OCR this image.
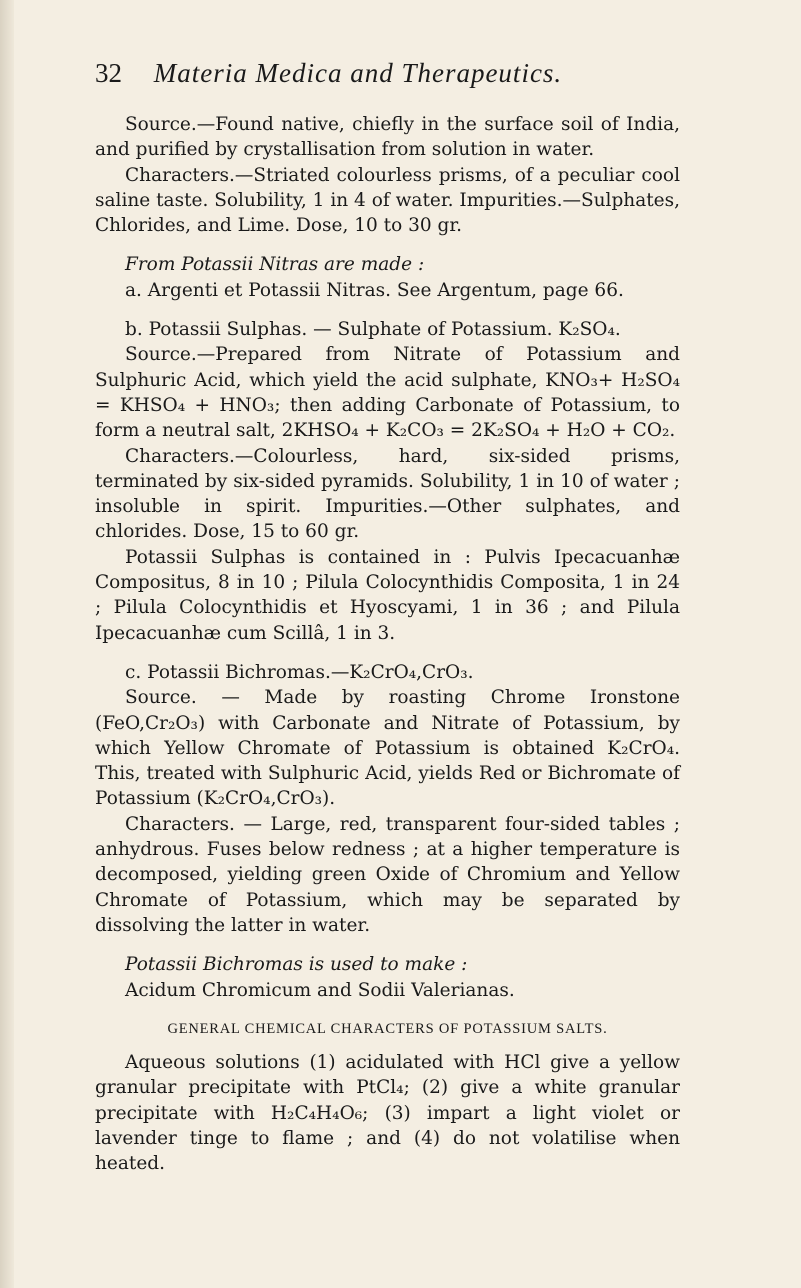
32 Materia Medica and Therapeutics.

Source.—Found native, chiefly in the surface soil of India, and purified by crystallisation from solution in water.

Characters.—Striated colourless prisms, of a peculiar cool saline taste. Solubility, 1 in 4 of water. Impurities.—Sulphates, Chlorides, and Lime. Dose, 10 to 30 gr.

From Potassii Nitras are made :

a. Argenti et Potassii Nitras. See Argentum, page 66.

b. Potassii Sulphas. — Sulphate of Potassium. K₂SO₄.

Source.—Prepared from Nitrate of Potassium and Sulphuric Acid, which yield the acid sulphate, KNO₃+ H₂SO₄ = KHSO₄ + HNO₃; then adding Carbonate of Potassium, to form a neutral salt, 2KHSO₄ + K₂CO₃ = 2K₂SO₄ + H₂O + CO₂.

Characters.—Colourless, hard, six-sided prisms, terminated by six-sided pyramids. Solubility, 1 in 10 of water ; insoluble in spirit. Impurities.—Other sulphates, and chlorides. Dose, 15 to 60 gr.

Potassii Sulphas is contained in : Pulvis Ipecacuanhæ Compositus, 8 in 10 ; Pilula Colocynthidis Composita, 1 in 24 ; Pilula Colocynthidis et Hyoscyami, 1 in 36 ; and Pilula Ipecacuanhæ cum Scillâ, 1 in 3.

c. Potassii Bichromas.—K₂CrO₄,CrO₃.

Source. — Made by roasting Chrome Ironstone (FeO,Cr₂O₃) with Carbonate and Nitrate of Potassium, by which Yellow Chromate of Potassium is obtained K₂CrO₄. This, treated with Sulphuric Acid, yields Red or Bichromate of Potassium (K₂CrO₄,CrO₃).

Characters. — Large, red, transparent four-sided tables ; anhydrous. Fuses below redness ; at a higher temperature is decomposed, yielding green Oxide of Chromium and Yellow Chromate of Potassium, which may be separated by dissolving the latter in water.

Potassii Bichromas is used to make :

Acidum Chromicum and Sodii Valerianas.

GENERAL CHEMICAL CHARACTERS OF POTASSIUM SALTS.

Aqueous solutions (1) acidulated with HCl give a yellow granular precipitate with PtCl₄; (2) give a white granular precipitate with H₂C₄H₄O₆; (3) impart a light violet or lavender tinge to flame ; and (4) do not volatilise when heated.
